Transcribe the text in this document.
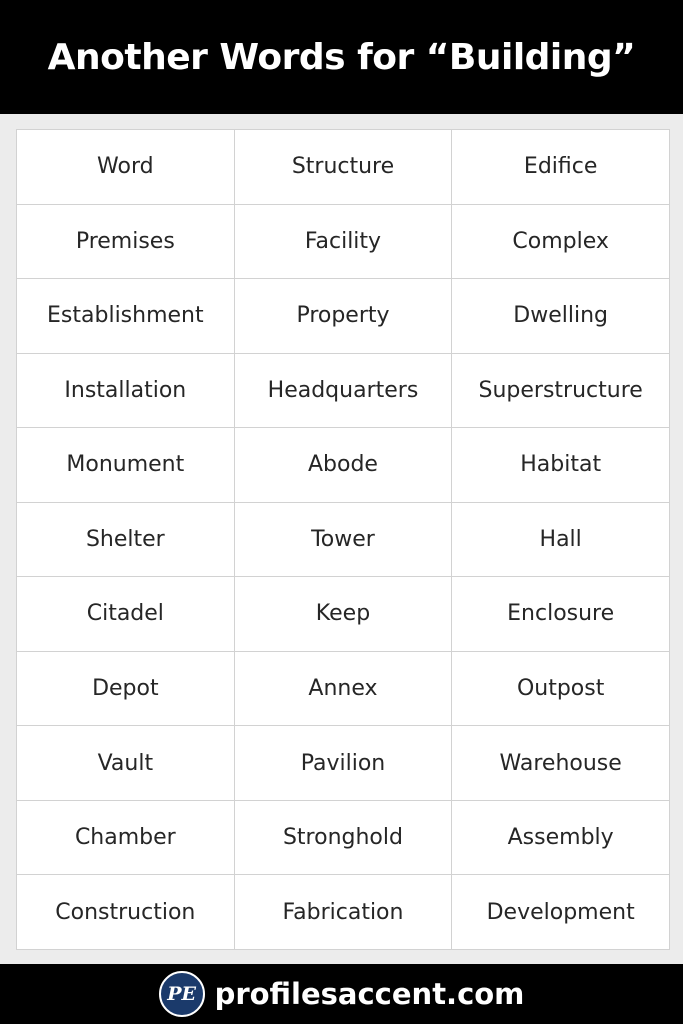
Another Words for “Building”
Word	Structure	Edifice
Premises	Facility	Complex
Establishment	Property	Dwelling
Installation	Headquarters	Superstructure
Monument	Abode	Habitat
Shelter	Tower	Hall
Citadel	Keep	Enclosure
Depot	Annex	Outpost
Vault	Pavilion	Warehouse
Chamber	Stronghold	Assembly
Construction	Fabrication	Development
PE profilesaccent.com
